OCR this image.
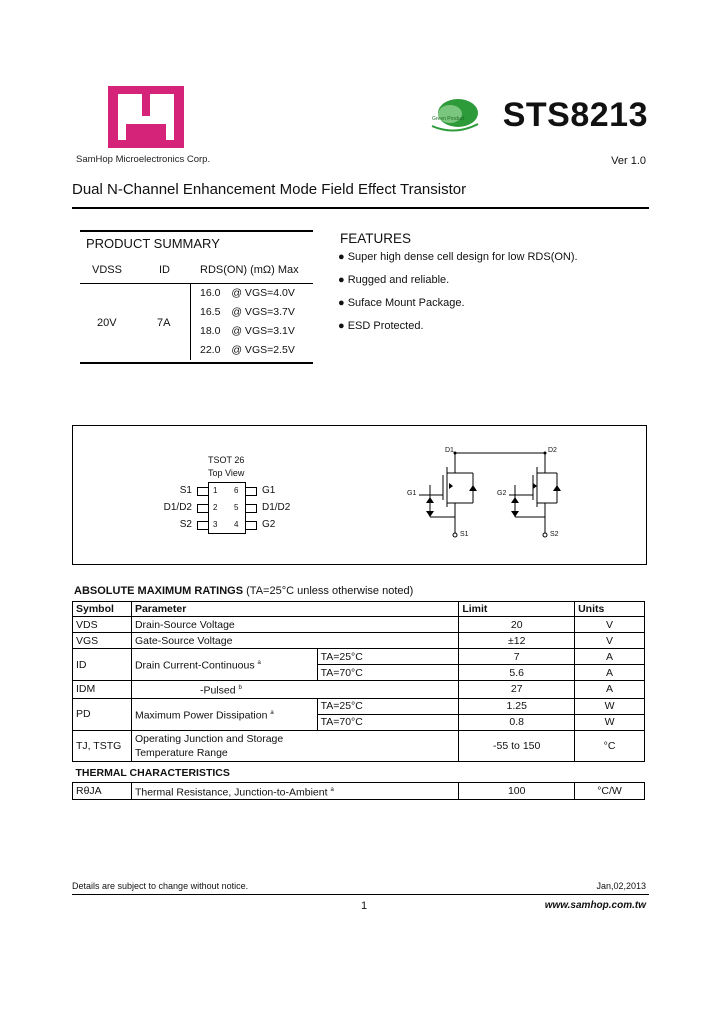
SamHop Microelectronics Corp.
Green Product STS8213
Ver 1.0
Dual N-Channel Enhancement Mode Field Effect Transistor
PRODUCT SUMMARY
VDSS	ID	RDS(ON) (mΩ) Max
20V	7A
16.0 @ VGS=4.0V
16.5 @ VGS=3.7V
18.0 @ VGS=3.1V
22.0 @ VGS=2.5V
FEATURES
● Super high dense cell design for low RDS(ON).
● Rugged and reliable.
● Suface Mount Package.
● ESD Protected.
TSOT 26
Top View
S1
D1/D2
S2
1
2
3
6
5
4
G1
D1/D2
G2
D1	D2
G1	G2
S1	S2
ABSOLUTE MAXIMUM RATINGS (TA=25°C unless otherwise noted)
Symbol	Parameter		Limit	Units
VDS	Drain-Source Voltage		20	V
VGS	Gate-Source Voltage		±12	V
ID	Drain Current-Continuous $^a$	TA=25°C	7	A
		TA=70°C	5.6	A
IDM	-Pulsed $^b$		27	A
PD	Maximum Power Dissipation $^a$	TA=25°C	1.25	W
		TA=70°C	0.8	W
TJ, TSTG	Operating Junction and Storage
Temperature Range		-55 to 150	°C
THERMAL CHARACTERISTICS				
RθJA	Thermal Resistance, Junction-to-Ambient $^a$		100	°C/W
Details are subject to change without notice.	Jan,02,2013
1	www.samhop.com.tw
